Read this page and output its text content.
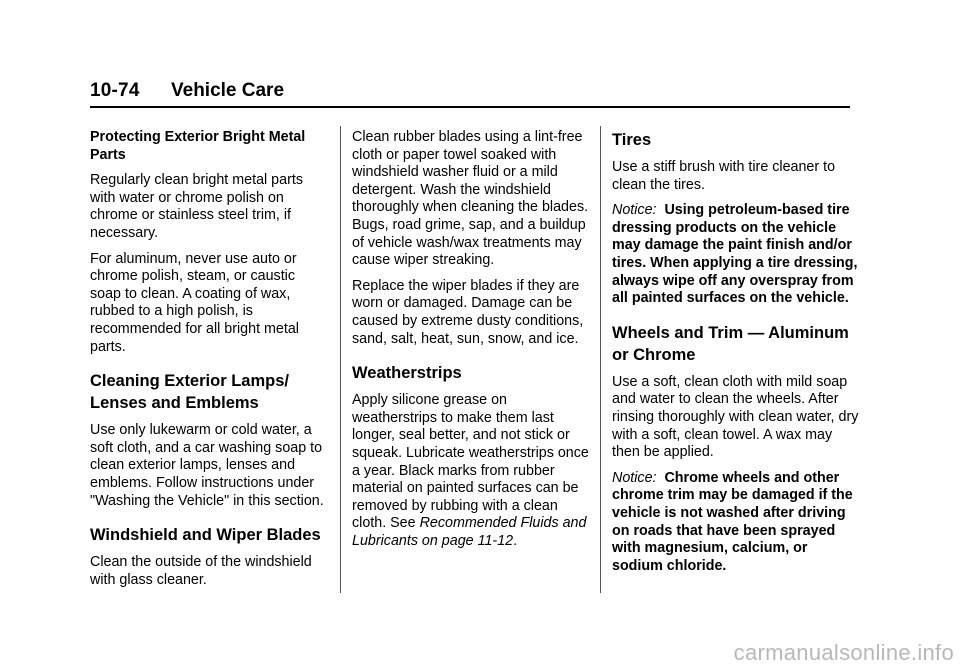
10-74 Vehicle Care

Protecting Exterior Bright Metal Parts

Regularly clean bright metal parts with water or chrome polish on chrome or stainless steel trim, if necessary.

For aluminum, never use auto or chrome polish, steam, or caustic soap to clean. A coating of wax, rubbed to a high polish, is recommended for all bright metal parts.

Cleaning Exterior Lamps/ Lenses and Emblems

Use only lukewarm or cold water, a soft cloth, and a car washing soap to clean exterior lamps, lenses and emblems. Follow instructions under "Washing the Vehicle" in this section.

Windshield and Wiper Blades

Clean the outside of the windshield with glass cleaner.

Clean rubber blades using a lint-free cloth or paper towel soaked with windshield washer fluid or a mild detergent. Wash the windshield thoroughly when cleaning the blades. Bugs, road grime, sap, and a buildup of vehicle wash/wax treatments may cause wiper streaking.

Replace the wiper blades if they are worn or damaged. Damage can be caused by extreme dusty conditions, sand, salt, heat, sun, snow, and ice.

Weatherstrips

Apply silicone grease on weatherstrips to make them last longer, seal better, and not stick or squeak. Lubricate weatherstrips once a year. Black marks from rubber material on painted surfaces can be removed by rubbing with a clean cloth. See Recommended Fluids and Lubricants on page 11-12.

Tires

Use a stiff brush with tire cleaner to clean the tires.

Notice: Using petroleum-based tire dressing products on the vehicle may damage the paint finish and/or tires. When applying a tire dressing, always wipe off any overspray from all painted surfaces on the vehicle.

Wheels and Trim — Aluminum or Chrome

Use a soft, clean cloth with mild soap and water to clean the wheels. After rinsing thoroughly with clean water, dry with a soft, clean towel. A wax may then be applied.

Notice: Chrome wheels and other chrome trim may be damaged if the vehicle is not washed after driving on roads that have been sprayed with magnesium, calcium, or sodium chloride.

carmanualsonline.info
